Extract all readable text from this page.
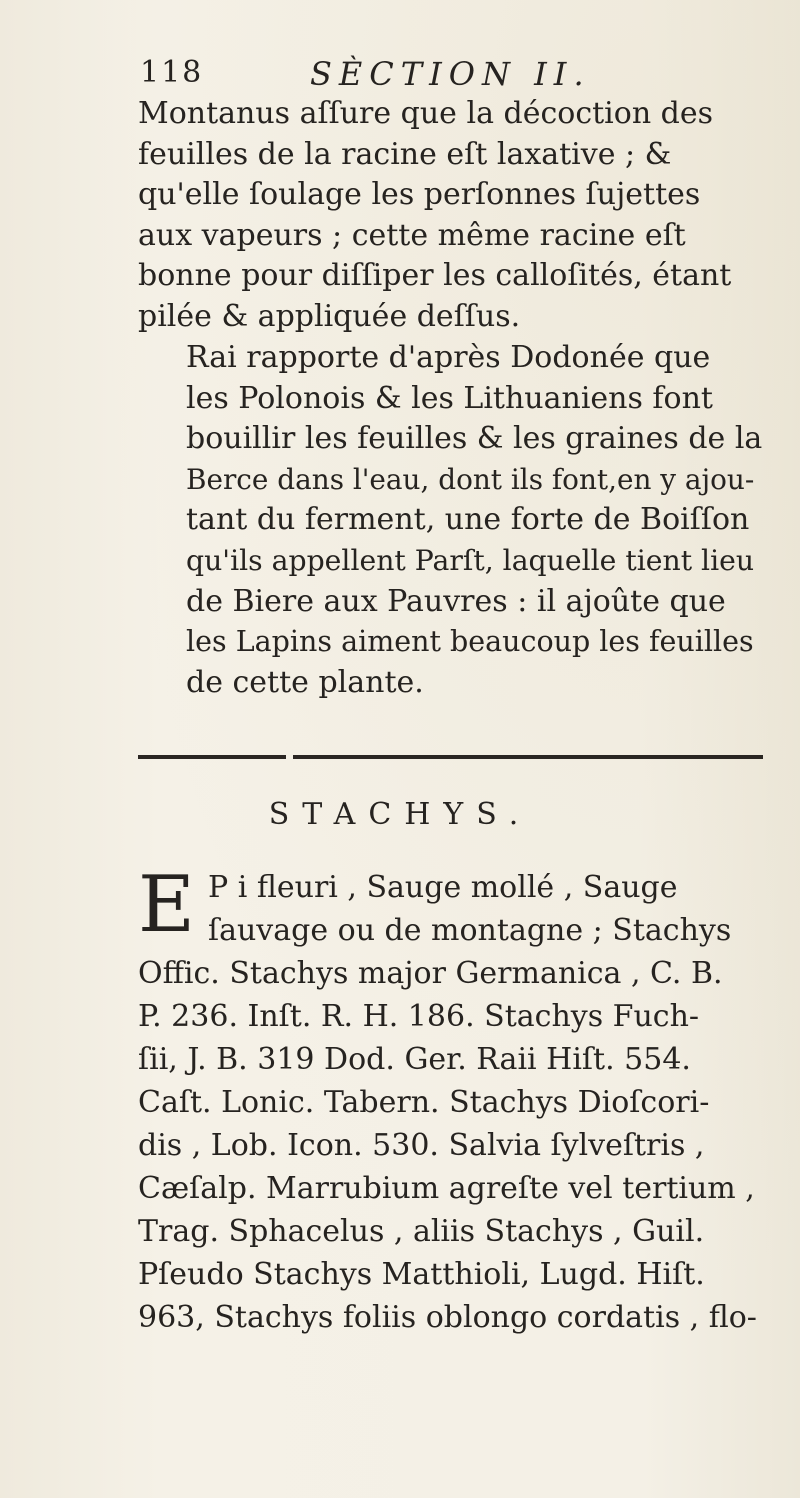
118	SÈCTION II.
Montanus aſſure que la décoction des
feuilles de la racine eſt laxative ; &
qu'elle ſoulage les perſonnes ſujettes
aux vapeurs ; cette même racine eſt
bonne pour diſſiper les calloſités, étant
pilée & appliquée deſſus.
Rai rapporte d'après Dodonée que
les Polonois & les Lithuaniens font
bouillir les feuilles & les graines de la
Berce dans l'eau, dont ils font,en y ajou-
tant du ferment, une forte de Boiſſon
qu'ils appellent Parſt, laquelle tient lieu
de Biere aux Pauvres : il ajoûte que
les Lapins aiment beaucoup les feuilles
de cette plante.
STACHYS.
E P i fleuri , Sauge mollé , Sauge
ſauvage ou de montagne ; Stachys
Offic. Stachys major Germanica , C. B.
P. 236. Inſt. R. H. 186. Stachys Fuch-
ſii, J. B. 319 Dod. Ger. Raii Hiſt. 554.
Caſt. Lonic. Tabern. Stachys Dioſcori-
dis , Lob. Icon. 530. Salvia ſylveſtris ,
Cæſalp. Marrubium agreſte vel tertium ,
Trag. Sphacelus , aliis Stachys , Guil.
Pſeudo Stachys Matthioli, Lugd. Hiſt.
963, Stachys foliis oblongo cordatis , flo-
